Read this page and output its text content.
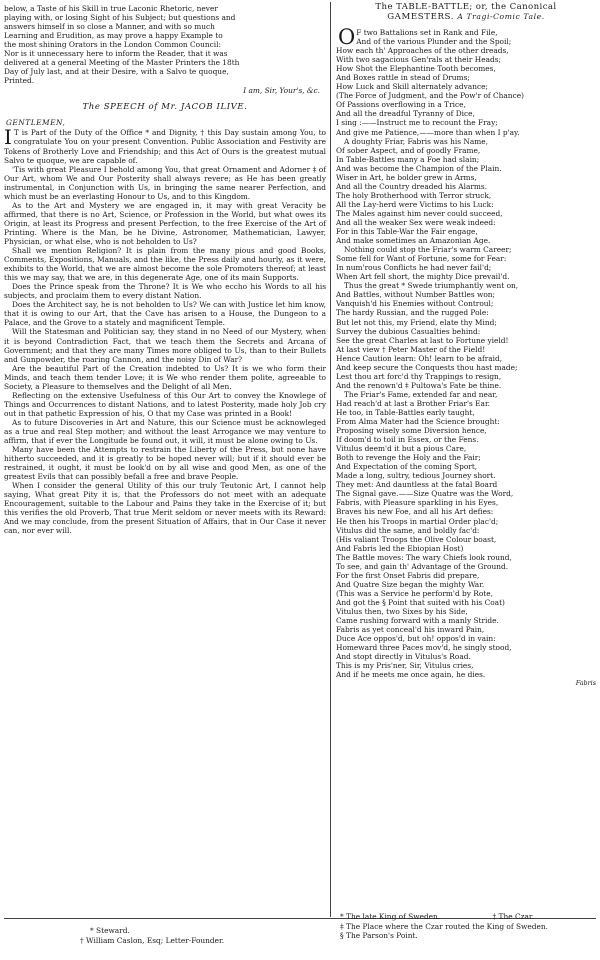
below, a Taste of his Skill in true Laconic Rhetoric, never
playing with, or losing Sight of his Subject; but questions and
answers himself in so close a Manner, and with so much
Learning and Erudition, as may prove a happy Example to
the most shining Orators in the London Common Council:
Nor is it unnecessary here to inform the Reader, that it was
delivered at a general Meeting of the Master Printers the 18th
Day of July last, and at their Desire, with a Salvo te quoque,
Printed.
I am, Sir, Your's, &c.
The SPEECH of Mr. JACOB ILIVE.
GENTLEMEN,

I T is Part of the Duty of the Office * and Dignity, † this Day sustain among You, to congratulate You on your present Convention. Public Association and Festivity are Tokens of Brotherly Love and Friendship; and this Act of Ours is the greatest mutual Salvo te quoque, we are capable of.

'Tis with great Pleasure I behold among You, that great Ornament and Adorner ‡ of Our Art, whom We and Our Posterity shall always revere; as He has been greatly instrumental, in Conjunction with Us, in bringing the same nearer Perfection, and which must be an everlasting Honour to Us, and to this Kingdom.

As to the Art and Mystery we are engaged in, it may with great Veracity be affirmed, that there is no Art, Science, or Profession in the World, but what owes its Origin, at least its Progress and present Perfection, to the free Exercise of the Art of Printing. Where is the Man, be he Divine, Astronomer, Mathematician, Lawyer, Physician, or what else, who is not beholden to Us?

Shall we mention Religion? It is plain from the many pious and good Books, Comments, Expositions, Manuals, and the like, the Press daily and hourly, as it were, exhibits to the World, that we are almost become the sole Promoters thereof; at least this we may say, that we are, in this degenerate Age, one of its main Supports.

Does the Prince speak from the Throne? It is We who eccho his Words to all his subjects, and proclaim them to every distant Nation.

Does the Architect say, he is not beholden to Us? We can with Justice let him know, that it is owing to our Art, that the Cave has arisen to a House, the Dungeon to a Palace, and the Grove to a stately and magnificent Temple.

Will the Statesman and Politician say, they stand in no Need of our Mystery, when it is beyond Contradiction Fact, that we teach them the Secrets and Arcana of Government; and that they are many Times more obliged to Us, than to their Bullets and Gunpowder, the roaring Cannon, and the noisy Din of War?

Are the beautiful Part of the Creation indebted to Us? It is we who form their Minds, and teach them tender Love; it is We who render them polite, agreeable to Society, a Pleasure to themselves and the Delight of all Men.

Reflecting on the extensive Usefulness of this Our Art to convey the Knowlege of Things and Occurrences to distant Nations, and to latest Posterity, made holy Job cry out in that pathetic Expression of his, O that my Case was printed in a Book!

As to future Discoveries in Art and Nature, this our Science must be acknowleged as a true and real Step mother; and without the least Arrogance we may venture to affirm, that if ever the Longitude be found out, it will, it must be alone owing to Us.

Many have been the Attempts to restrain the Liberty of the Press, but none have hitherto succeeded, and it is greatly to be hoped never will; but if it should ever be restrained, it ought, it must be look'd on by all wise and good Men, as one of the greatest Evils that can possibly befall a free and brave People.

When I consider the general Utility of this our truly Teutonic Art, I cannot help saying, What great Pity it is, that the Professors do not meet with an adequate Encouragement, suitable to the Labour and Pains they take in the Exercise of it; but this verifies the old Proverb, That true Merit seldom or never meets with its Reward: And we may conclude, from the present Situation of Affairs, that in Our Case it never can, nor ever will.

The TABLE-BATTLE; or, the Canonical
GAMESTERS. A Tragi-Comic Tale.
O F two Battalions set in Rank and File,
And of the various Plunder and the Spoil;
How each th' Approaches of the other dreads,
With two sagacious Gen'rals at their Heads;
How Shot the Elephantine Tooth becomes,
And Boxes rattle in stead of Drums;
How Luck and Skill alternately advance;
(The Force of Judgment, and the Pow'r of Chance)
Of Passions overflowing in a Trice,
And all the dreadful Tyranny of Dice,
I sing :——Instruct me to recount the Fray;
And give me Patience,——more than when I p'ay.
A doughty Friar, Fabris was his Name,
Of sober Aspect, and of goodly Frame,
In Table-Battles many a Foe had slain;
And was become the Champion of the Plain.
Wiser in Art, he bolder grew in Arms,
And all the Country dreaded his Alarms.
The holy Brotherhood with Terror struck,
All the Lay-herd were Victims to his Luck:
The Males against him never could succeed,
And all the weaker Sex were weak indeed:
For in this Table-War the Fair engage,
And make sometimes an Amazonian Age.
Nothing could stop the Friar's warm Career;
Some fell for Want of Fortune, some for Fear:
In num'rous Conflicts he had never fail'd;
When Art fell short, the mighty Dice prevail'd.
Thus the great * Swede triumphantly went on,
And Battles, without Number Battles won;
Vanquish'd his Enemies without Controul;
The hardy Russian, and the rugged Pole:
But let not this, my Friend, elate thy Mind;
Survey the dubious Casualties behind:
See the great Charles at last to Fortune yield!
At last view † Peter Master of the Field!
Hence Caution learn: Oh! learn to be afraid,
And keep secure the Conquests thou hast made;
Lest thou art forc'd thy Trappings to resign,
And the renown'd ‡ Pultowa's Fate be thine.
The Friar's Fame, extended far and near,
Had reach'd at last a Brother Friar's Ear.
He too, in Table-Battles early taught,
From Alma Mater had the Science brought:
Proposing wisely some Diversion hence,
If doom'd to toil in Essex, or the Fens.
Vitulus deem'd it but a pious Care,
Both to revenge the Holy and the Fair;
And Expectation of the coming Sport,
Made a long, sultry, tedious Journey short.
They met: And dauntless at the fatal Board
The Signal gave.——Size Quatre was the Word,
Fabris, with Pleasure sparkling in his Eyes,
Braves his new Foe, and all his Art defies:
He then his Troops in martial Order plac'd;
Vitulus did the same, and boldly fac'd:
(His valiant Troops the Olive Colour boast,
And Fabris led the Ebiopian Host)
The Battle moves: The wary Chiefs look round,
To see, and gain th' Advantage of the Ground.
For the first Onset Fabris did prepare,
And Quatre Size began the mighty War.
(This was a Service he perform'd by Rote,
And got the § Point that suited with his Coat)
Vitulus then, two Sixes by his Side,
Came rushing forward with a manly Stride.
Fabris as yet conceal'd his inward Pain,
Duce Ace oppos'd, but oh! oppos'd in vain:
Homeward three Paces mov'd, he singly stood,
And stopt directly in Vitulus's Road.
This is my Pris'ner, Sir, Vitulus cries,
And if he meets me once again, he dies.
Fabris
* Steward.
† William Caslon, Esq; Letter-Founder.
* The late King of Sweden.	† The Czar.
‡ The Place where the Czar routed the King of Sweden.
§ The Parson's Point.
